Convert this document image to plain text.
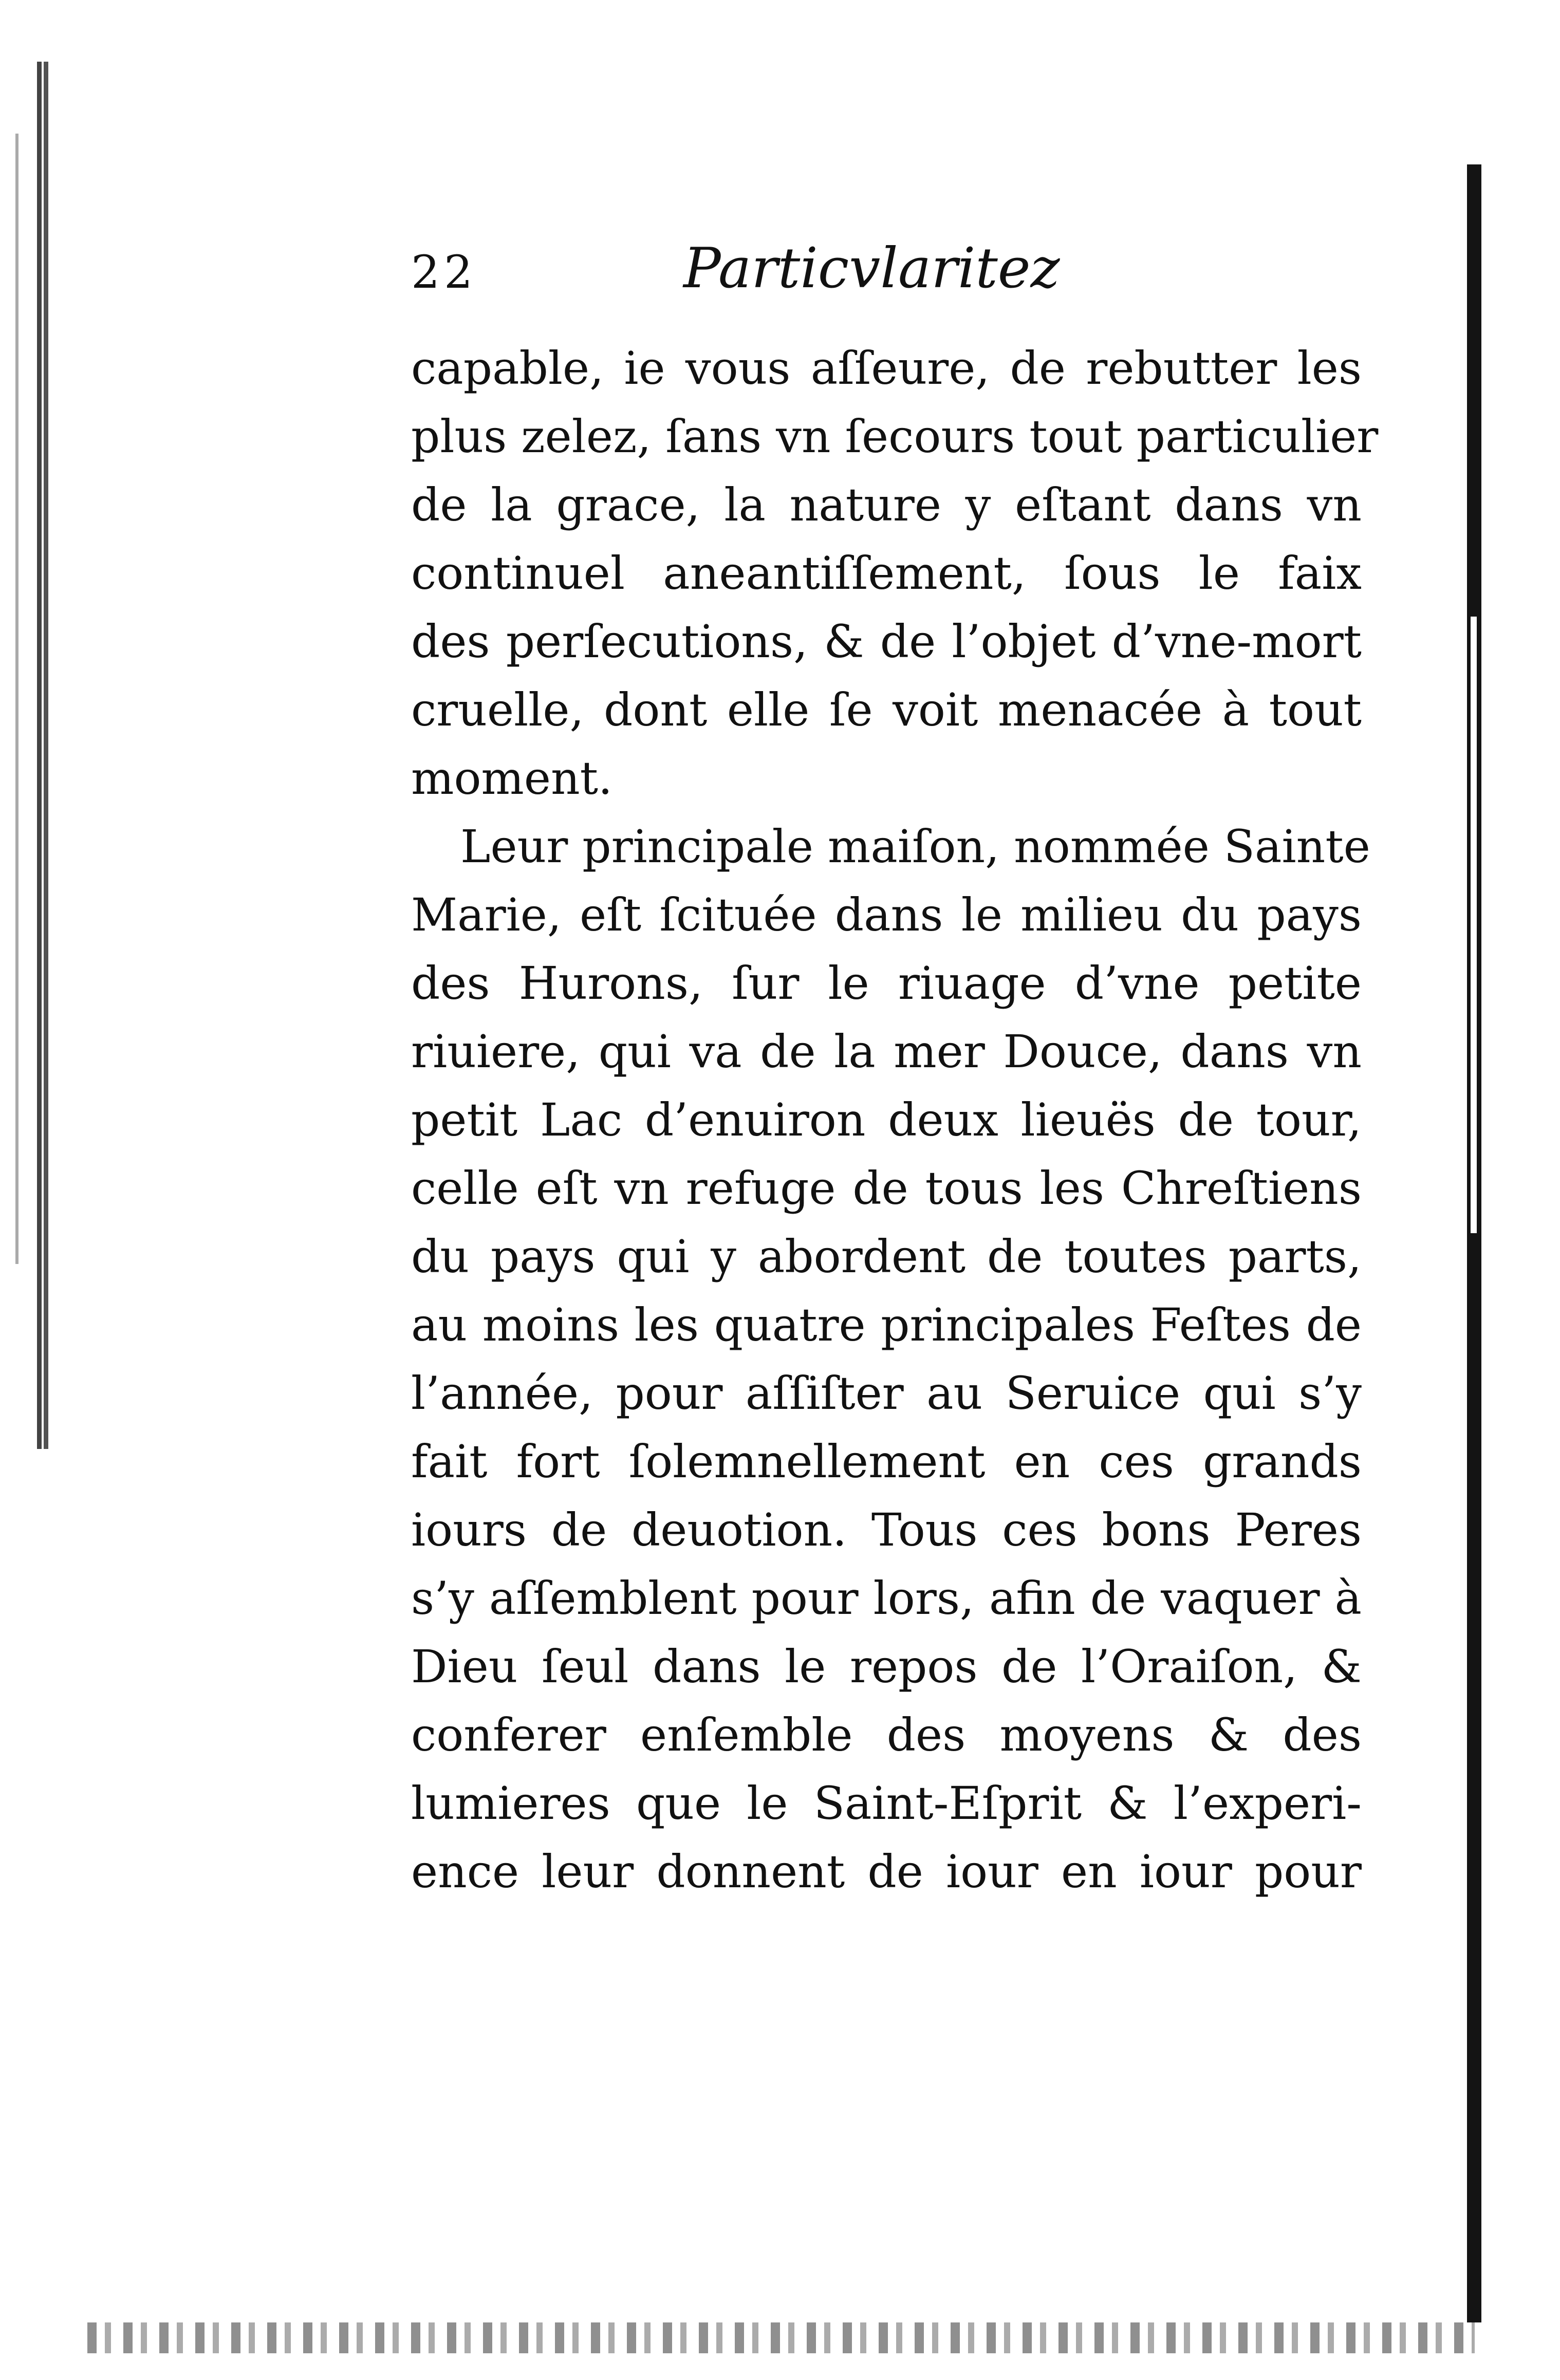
22	Particvlaritez
capable, ie vous aſſeure, de rebutter les
plus zelez, ſans vn ſecours tout particulier
de la grace, la nature y eſtant dans vn
continuel aneantiſſement, ſous le faix
des perſecutions, & de l’objet d’vne-mort
cruelle, dont elle ſe voit menacée à tout
moment.
Leur principale maiſon, nommée Sainte
Marie, eſt ſcituée dans le milieu du pays
des Hurons, ſur le riuage d’vne petite
riuiere, qui va de la mer Douce, dans vn
petit Lac d’enuiron deux lieuës de tour,
celle eſt vn refuge de tous les Chreſtiens
du pays qui y abordent de toutes parts,
au moins les quatre principales Feſtes de
l’année, pour aſſiſter au Seruice qui s’y
fait fort ſolemnellement en ces grands
iours de deuotion. Tous ces bons Peres
s’y aſſemblent pour lors, afin de vaquer à
Dieu ſeul dans le repos de l’Oraiſon, &
conferer enſemble des moyens & des
lumieres que le Saint-Eſprit & l’experi-
ence leur donnent de iour en iour pour
